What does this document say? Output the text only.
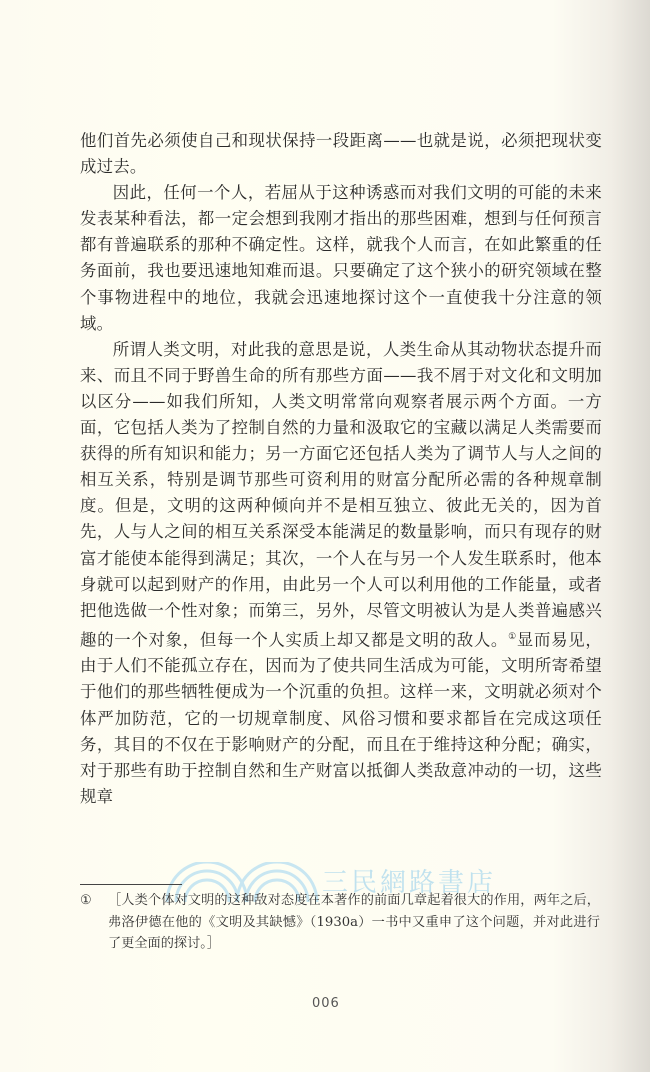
他们首先必须使自己和现状保持一段距离——也就是说，必须把现状变成过去。

因此，任何一个人，若屈从于这种诱惑而对我们文明的可能的未来发表某种看法，都一定会想到我刚才指出的那些困难，想到与任何预言都有普遍联系的那种不确定性。这样，就我个人而言，在如此繁重的任务面前，我也要迅速地知难而退。只要确定了这个狭小的研究领域在整个事物进程中的地位，我就会迅速地探讨这个一直使我十分注意的领域。

所谓人类文明，对此我的意思是说，人类生命从其动物状态提升而来、而且不同于野兽生命的所有那些方面——我不屑于对文化和文明加以区分——如我们所知，人类文明常常向观察者展示两个方面。一方面，它包括人类为了控制自然的力量和汲取它的宝藏以满足人类需要而获得的所有知识和能力；另一方面它还包括人类为了调节人与人之间的相互关系，特别是调节那些可资利用的财富分配所必需的各种规章制度。但是，文明的这两种倾向并不是相互独立、彼此无关的，因为首先，人与人之间的相互关系深受本能满足的数量影响，而只有现存的财富才能使本能得到满足；其次，一个人在与另一个人发生联系时，他本身就可以起到财产的作用，由此另一个人可以利用他的工作能量，或者把他选做一个性对象；而第三，另外，尽管文明被认为是人类普遍感兴趣的一个对象，但每一个人实质上却又都是文明的敌人。①显而易见，由于人们不能孤立存在，因而为了使共同生活成为可能，文明所寄希望于他们的那些牺牲便成为一个沉重的负担。这样一来，文明就必须对个体严加防范，它的一切规章制度、风俗习惯和要求都旨在完成这项任务，其目的不仅在于影响财产的分配，而且在于维持这种分配；确实，对于那些有助于控制自然和生产财富以抵御人类敌意冲动的一切，这些规章

三民網路書店
① ［人类个体对文明的这种敌对态度在本著作的前面几章起着很大的作用，两年之后，弗洛伊德在他的《文明及其缺憾》（1930a）一书中又重申了这个问题，并对此进行了更全面的探讨。］
006
